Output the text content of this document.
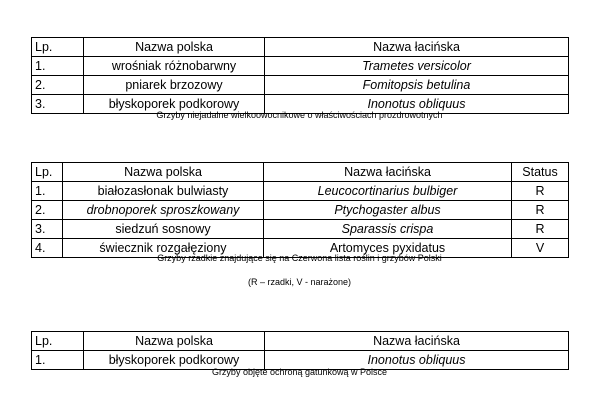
Lp.	Nazwa polska	Nazwa łacińska
1.	wrośniak różnobarwny	Trametes versicolor
2.	pniarek brzozowy	Fomitopsis betulina
3.	błyskoporek podkorowy	Inonotus obliquus
Grzyby niejadalne wielkoowocnikowe o właściwościach prozdrowotnych
Lp.	Nazwa polska	Nazwa łacińska	Status
1.	białozasłonak bulwiasty	Leucocortinarius bulbiger	R
2.	drobnoporek sproszkowany	Ptychogaster albus	R
3.	siedzuń sosnowy	Sparassis crispa	R
4.	świecznik rozgałęziony	Artomyces pyxidatus	V
Grzyby rzadkie znajdujące się na Czerwona lista roślin i grzybów Polski
(R – rzadki, V - narażone)
Lp.	Nazwa polska	Nazwa łacińska
1.	błyskoporek podkorowy	Inonotus obliquus
Grzyby objęte ochroną gatunkową w Polsce
